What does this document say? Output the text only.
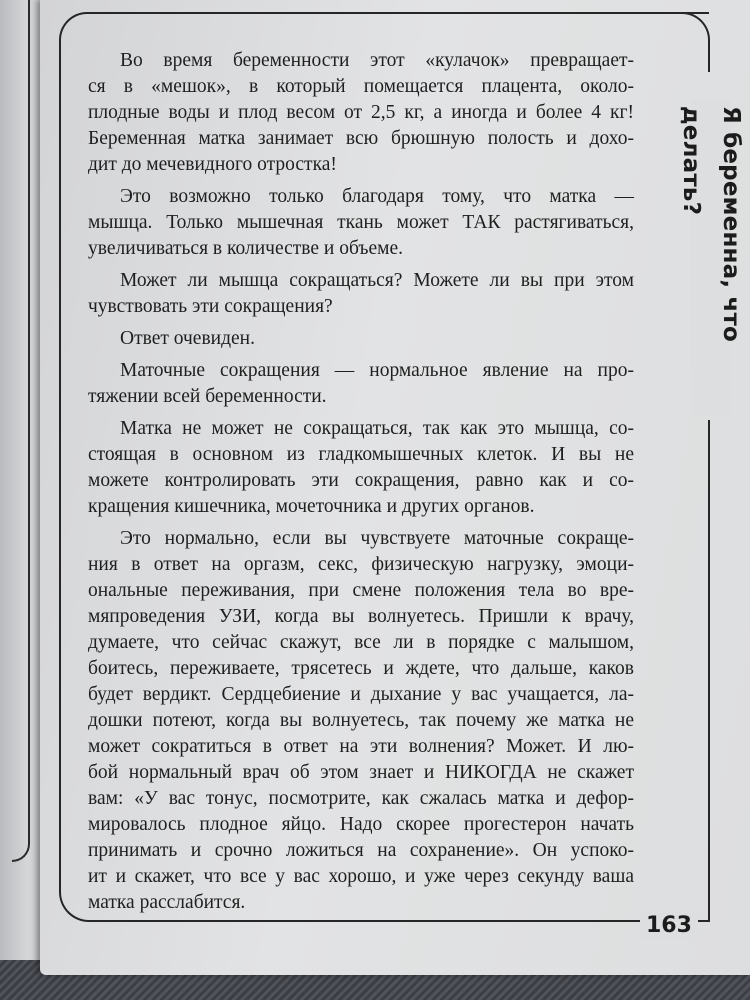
Я беременна, что делать?

Во время беременности этот «кулачок» превращает-
ся в «мешок», в который помещается плацента, около-
плодные воды и плод весом от 2,5 кг, а иногда и более 4 кг!
Беременная матка занимает всю брюшную полость и дохо-
дит до мечевидного отростка!

Это возможно только благодаря тому, что матка —
мышца. Только мышечная ткань может ТАК растягиваться,
увеличиваться в количестве и объеме.

Может ли мышца сокращаться? Можете ли вы при этом
чувствовать эти сокращения?

Ответ очевиден.

Маточные сокращения — нормальное явление на про-
тяжении всей беременности.

Матка не может не сокращаться, так как это мышца, со-
стоящая в основном из гладкомышечных клеток. И вы не
можете контролировать эти сокращения, равно как и со-
кращения кишечника, мочеточника и других органов.

Это нормально, если вы чувствуете маточные сокраще-
ния в ответ на оргазм, секс, физическую нагрузку, эмоци-
ональные переживания, при смене положения тела во вре-
мяпроведения УЗИ, когда вы волнуетесь. Пришли к врачу,
думаете, что сейчас скажут, все ли в порядке с малышом,
боитесь, переживаете, трясетесь и ждете, что дальше, каков
будет вердикт. Сердцебиение и дыхание у вас учащается, ла-
дошки потеют, когда вы волнуетесь, так почему же матка не
может сократиться в ответ на эти волнения? Может. И лю-
бой нормальный врач об этом знает и НИКОГДА не скажет
вам: «У вас тонус, посмотрите, как сжалась матка и дефор-
мировалось плодное яйцо. Надо скорее прогестерон начать
принимать и срочно ложиться на сохранение». Он успоко-
ит и скажет, что все у вас хорошо, и уже через секунду ваша
матка расслабится.

163
